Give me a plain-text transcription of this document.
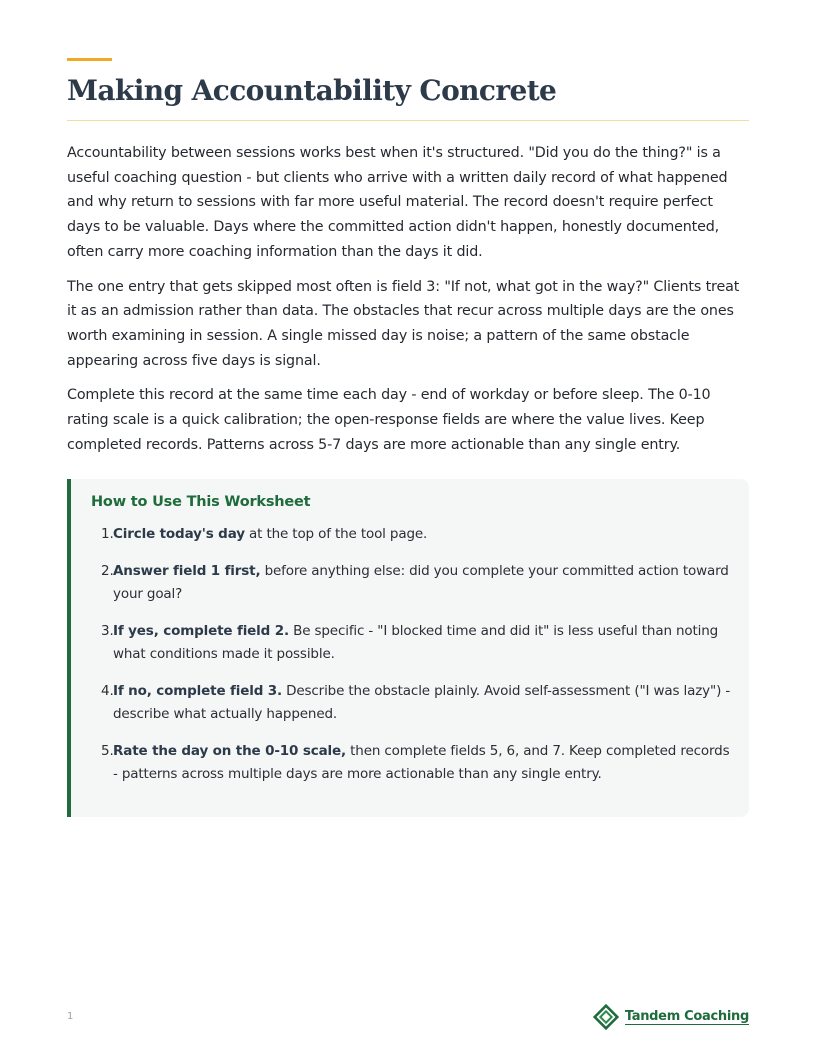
Making Accountability Concrete

Accountability between sessions works best when it's structured. "Did you do the thing?" is a useful coaching question - but clients who arrive with a written daily record of what happened and why return to sessions with far more useful material. The record doesn't require perfect days to be valuable. Days where the committed action didn't happen, honestly documented, often carry more coaching information than the days it did.

The one entry that gets skipped most often is field 3: "If not, what got in the way?" Clients treat it as an admission rather than data. The obstacles that recur across multiple days are the ones worth examining in session. A single missed day is noise; a pattern of the same obstacle appearing across five days is signal.

Complete this record at the same time each day - end of workday or before sleep. The 0-10 rating scale is a quick calibration; the open-response fields are where the value lives. Keep completed records. Patterns across 5-7 days are more actionable than any single entry.

How to Use This Worksheet
1. Circle today's day at the top of the tool page.
2. Answer field 1 first, before anything else: did you complete your committed action toward your goal?
3. If yes, complete field 2. Be specific - "I blocked time and did it" is less useful than noting what conditions made it possible.
4. If no, complete field 3. Describe the obstacle plainly. Avoid self-assessment ("I was lazy") - describe what actually happened.
5. Rate the day on the 0-10 scale, then complete fields 5, 6, and 7. Keep completed records - patterns across multiple days are more actionable than any single entry.
1	Tandem Coaching
